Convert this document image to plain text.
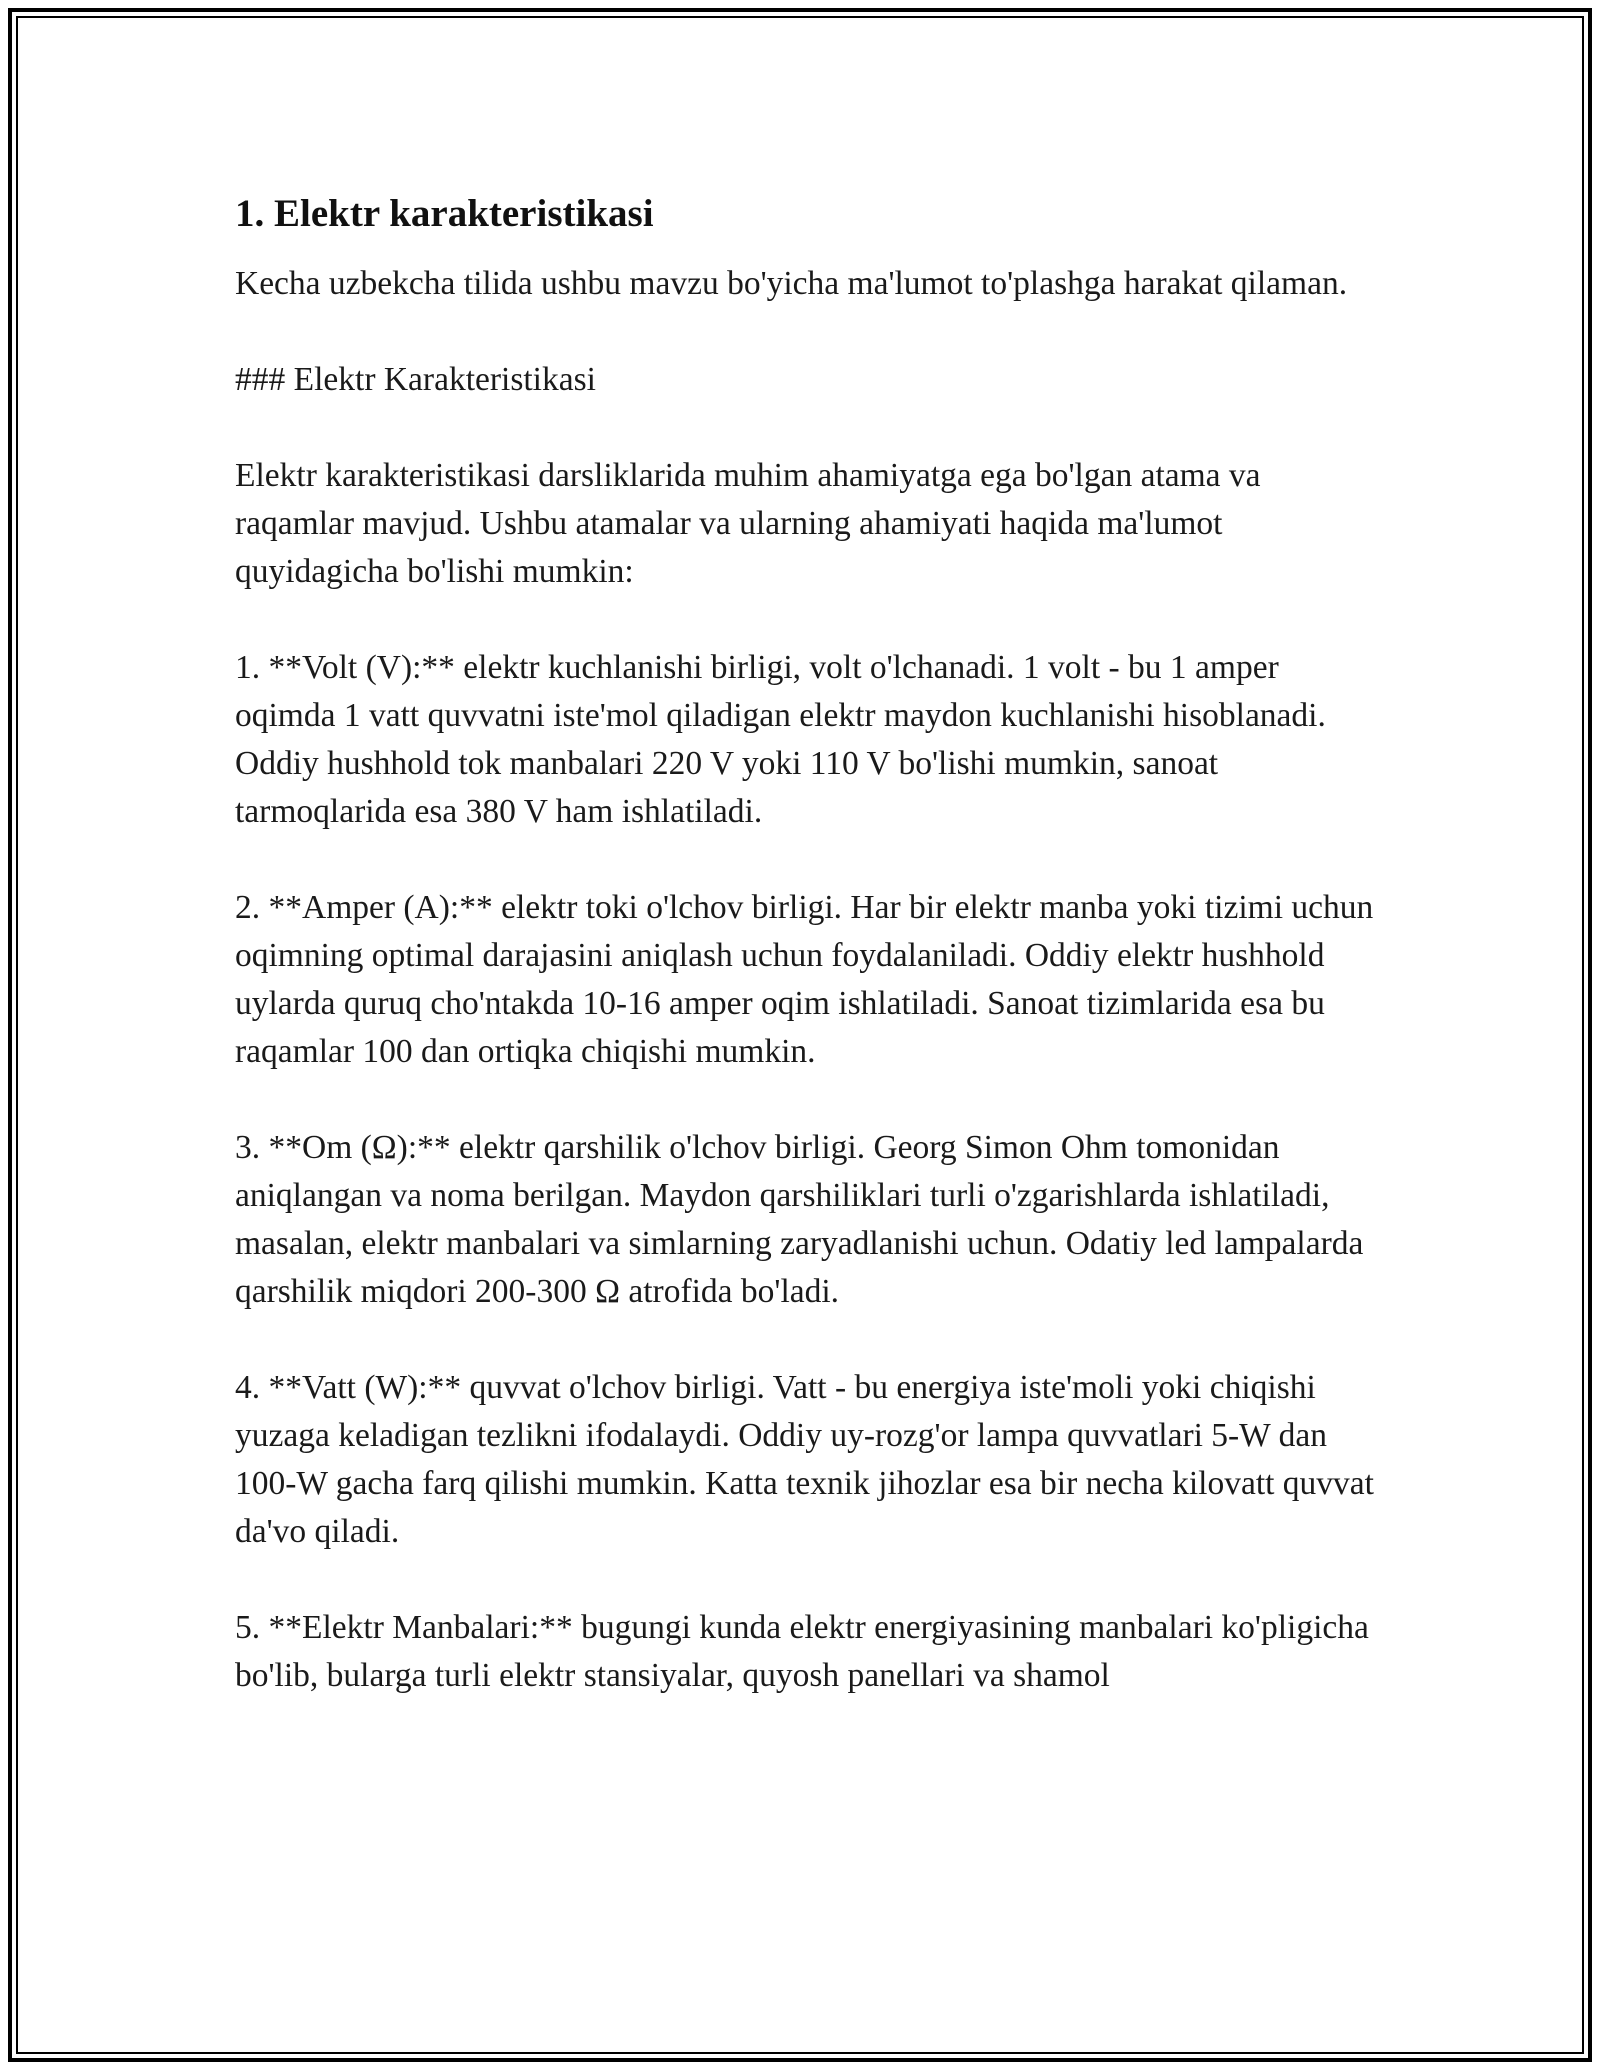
1. Elektr karakteristikasi

Kecha uzbekcha tilida ushbu mavzu bo'yicha ma'lumot to'plashga harakat qilaman.

### Elektr Karakteristikasi

Elektr karakteristikasi darsliklarida muhim ahamiyatga ega bo'lgan atama va raqamlar mavjud. Ushbu atamalar va ularning ahamiyati haqida ma'lumot quyidagicha bo'lishi mumkin:

1. **Volt (V):** elektr kuchlanishi birligi, volt o'lchanadi. 1 volt - bu 1 amper oqimda 1 vatt quvvatni iste'mol qiladigan elektr maydon kuchlanishi hisoblanadi. Oddiy hushhold tok manbalari 220 V yoki 110 V bo'lishi mumkin, sanoat tarmoqlarida esa 380 V ham ishlatiladi.

2. **Amper (A):** elektr toki o'lchov birligi. Har bir elektr manba yoki tizimi uchun oqimning optimal darajasini aniqlash uchun foydalaniladi. Oddiy elektr hushhold uylarda quruq cho'ntakda 10-16 amper oqim ishlatiladi. Sanoat tizimlarida esa bu raqamlar 100 dan ortiqka chiqishi mumkin.

3. **Om (Ω):** elektr qarshilik o'lchov birligi. Georg Simon Ohm tomonidan aniqlangan va noma berilgan. Maydon qarshiliklari turli o'zgarishlarda ishlatiladi, masalan, elektr manbalari va simlarning zaryadlanishi uchun. Odatiy led lampalarda qarshilik miqdori 200-300 Ω atrofida bo'ladi.

4. **Vatt (W):** quvvat o'lchov birligi. Vatt - bu energiya iste'moli yoki chiqishi yuzaga keladigan tezlikni ifodalaydi. Oddiy uy-rozg'or lampa quvvatlari 5-W dan 100-W gacha farq qilishi mumkin. Katta texnik jihozlar esa bir necha kilovatt quvvat da'vo qiladi.

5. **Elektr Manbalari:** bugungi kunda elektr energiyasining manbalari ko'pligicha bo'lib, bularga turli elektr stansiyalar, quyosh panellari va shamol
